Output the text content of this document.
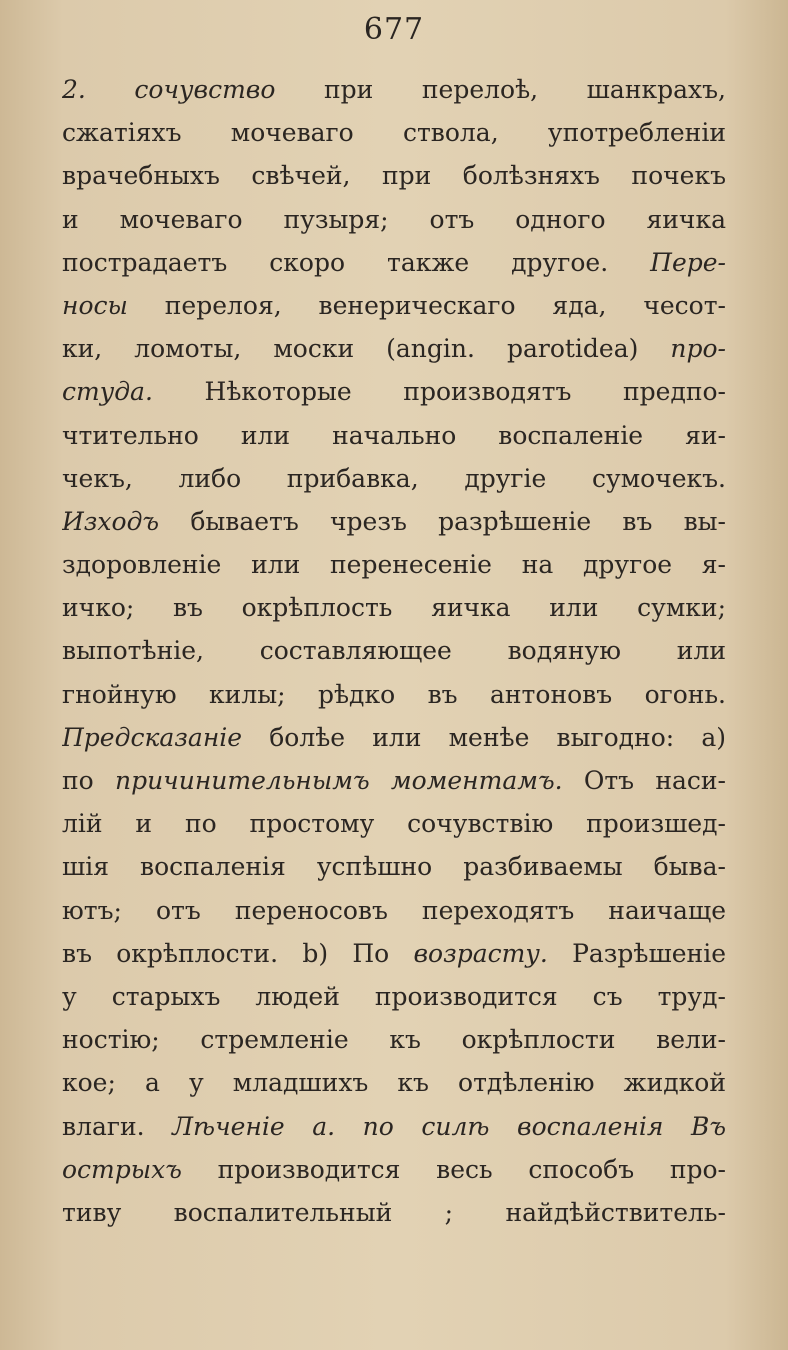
677
2. сочувство при перелоѣ, шанкрахъ,
сжатіяхъ мочеваго ствола, употребленіи
врачебныхъ свѣчей, при болѣзняхъ почекъ
и мочеваго пузыря; отъ одного яичка
пострадаетъ скоро также другое. Пере-
носы перелоя, венерическаго яда, чесот-
ки, ломоты, моски (angin. parotidea) про-
студа. Нѣкоторые производятъ предпо-
чтительно или начально воспаленіе яи-
чекъ, либо прибавка, другіе сумочекъ.
Изходъ бываетъ чрезъ разрѣшеніе въ вы-
здоровленіе или перенесеніе на другое я-
ичко; въ окрѣплость яичка или сумки;
выпотѣніе, составляющее водяную или
гнойную килы; рѣдко въ антоновъ огонь.
Предсказаніе болѣе или менѣе выгодно: а)
по причинительнымъ моментамъ. Отъ наси-
лій и по простому сочувствію произшед-
шія воспаленія успѣшно разбиваемы быва-
ютъ; отъ переносовъ переходятъ наичаще
въ окрѣплости. b) По возрасту. Разрѣшеніе
у старыхъ людей производится съ труд-
ностію; стремленіе къ окрѣплости вели-
кое; а у младшихъ къ отдѣленію жидкой
влаги. Лѣченіе а. по силѣ воспаленія Въ
острыхъ производится весь способъ про-
тиву воспалительный ; найдѣйствитель-
